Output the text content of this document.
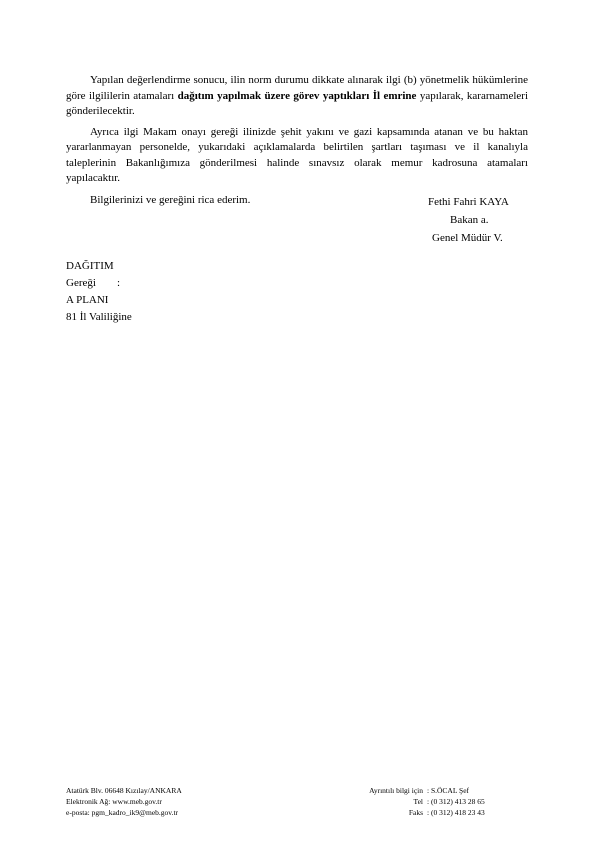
Yapılan değerlendirme sonucu, ilin norm durumu dikkate alınarak ilgi (b) yönetmelik hükümlerine göre ilgililerin atamaları dağıtım yapılmak üzere görev yaptıkları İl emrine yapılarak, kararnameleri gönderilecektir.

Ayrıca ilgi Makam onayı gereği ilinizde şehit yakını ve gazi kapsamında atanan ve bu haktan yararlanmayan personelde, yukarıdaki açıklamalarda belirtilen şartları taşıması ve il kanalıyla taleplerinin Bakanlığımıza gönderilmesi halinde sınavsız olarak memur kadrosuna atamaları yapılacaktır.

Bilgilerinizi ve gereğini rica ederim.	Fethi Fahri KAYA
Bakan a.
Genel Müdür V.
DAĞITIM
Gereği :
A PLANI
81 İl Valiliğine
Atatürk Blv. 06648 Kızılay/ANKARA
Elektronik Ağ: www.meb.gov.tr
e-posta: pgm_kadro_ik9@meb.gov.tr
Ayrıntılı bilgi için : S.ÖCAL Şef
Tel : (0 312) 413 28 65
Faks : (0 312) 418 23 43
